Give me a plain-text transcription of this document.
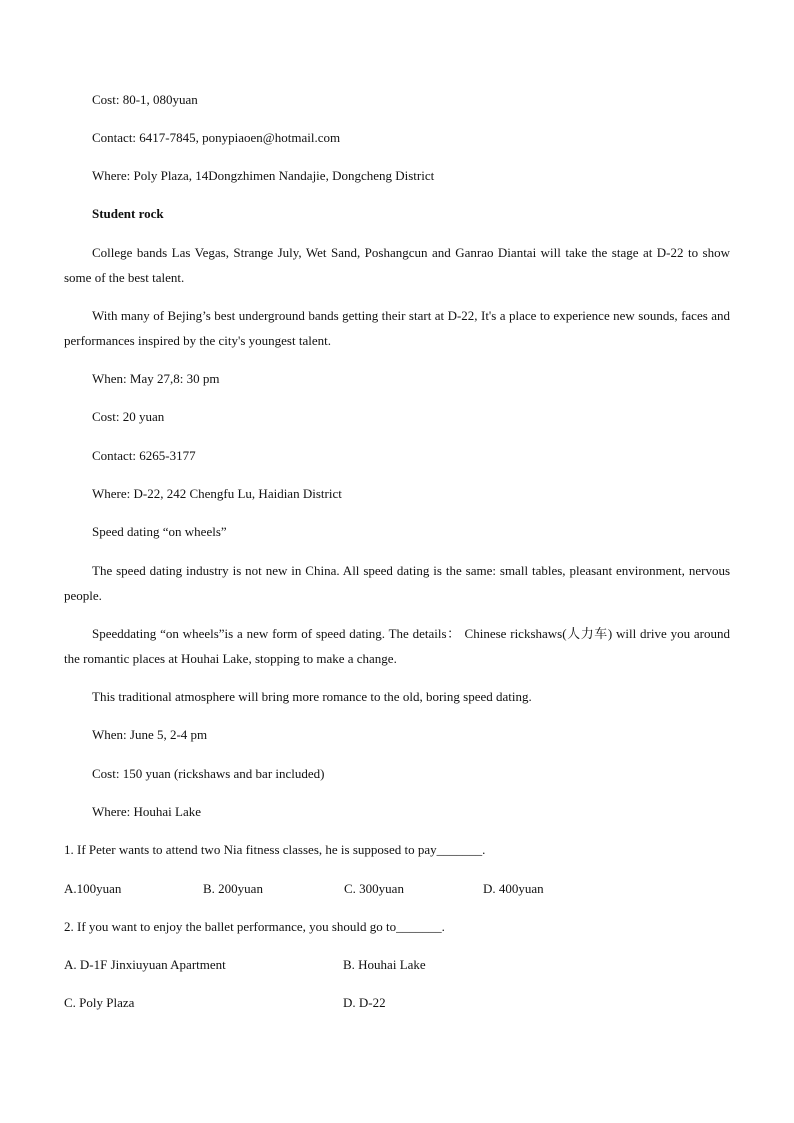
Cost: 80-1, 080yuan
Contact: 6417-7845, ponypiaoen@hotmail.com
Where: Poly Plaza, 14Dongzhimen Nandajie, Dongcheng District
Student rock
College bands Las Vegas, Strange July, Wet Sand, Poshangcun and Ganrao Diantai will take the stage at D-22 to show some of the best talent.
With many of Bejing’s best underground bands getting their start at D-22, It's a place to experience new sounds, faces and performances inspired by the city's youngest talent.
When: May 27,8: 30 pm
Cost: 20 yuan
Contact: 6265-3177
Where: D-22, 242 Chengfu Lu, Haidian District
Speed dating “on wheels”
The speed dating industry is not new in China. All speed dating is the same: small tables, pleasant environment, nervous people.
Speeddating “on wheels”is a new form of speed dating. The details： Chinese rickshaws(人力车) will drive you around the romantic places at Houhai Lake, stopping to make a change.
This traditional atmosphere will bring more romance to the old, boring speed dating.
When: June 5, 2-4 pm
Cost: 150 yuan (rickshaws and bar included)
Where: Houhai Lake
1. If Peter wants to attend two Nia fitness classes, he is supposed to pay_______.
A.100yuan	B. 200yuan	C. 300yuan	D. 400yuan
2. If you want to enjoy the ballet performance, you should go to_______.
A. D-1F Jinxiuyuan Apartment	B. Houhai Lake
C. Poly Plaza	D. D-22
